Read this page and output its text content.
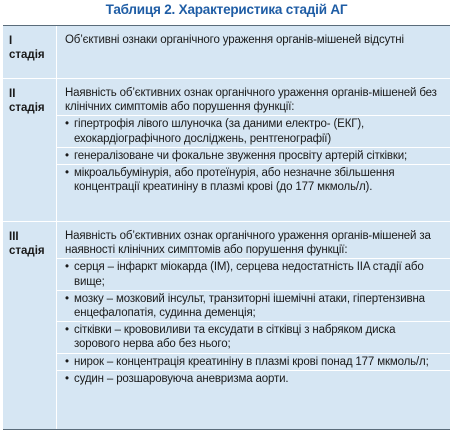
Таблиця 2. Характеристика стадій АГ
I
стадія

Об’єктивні ознаки органічного ураження органів-мішеней відсутні

II
стадія

Наявність об’єктивних ознак органічного ураження органів-мішеней без клінічних симптомів або порушення функції:

• гіпертрофія лівого шлуночка (за даними електро- (ЕКГ), ехокардіографічного досліджень, рентгенографії)
• генералізоване чи фокальне звуження просвіту артерій сітківки;
• мікроальбумінурія, або протеїнурія, або незначне збільшення концентрації креатиніну в плазмі крові (до 177 мкмоль/л).
III
стадія

Наявність об’єктивних ознак органічного ураження органів-мішеней за наявності клінічних симптомів або порушення функції:

• серця – інфаркт міокарда (ІМ), серцева недостатність IIA стадії або вище;
• мозку – мозковий інсульт, транзиторні ішемічні атаки, гіпертензивна енцефалопатія, судинна деменція;
• сітківки – крововиливи та ексудати в сітківці з набряком диска зорового нерва або без нього;
• нирок – концентрація креатиніну в плазмі крові понад 177 мкмоль/л;
• судин – розшаровуюча аневризма аорти.
